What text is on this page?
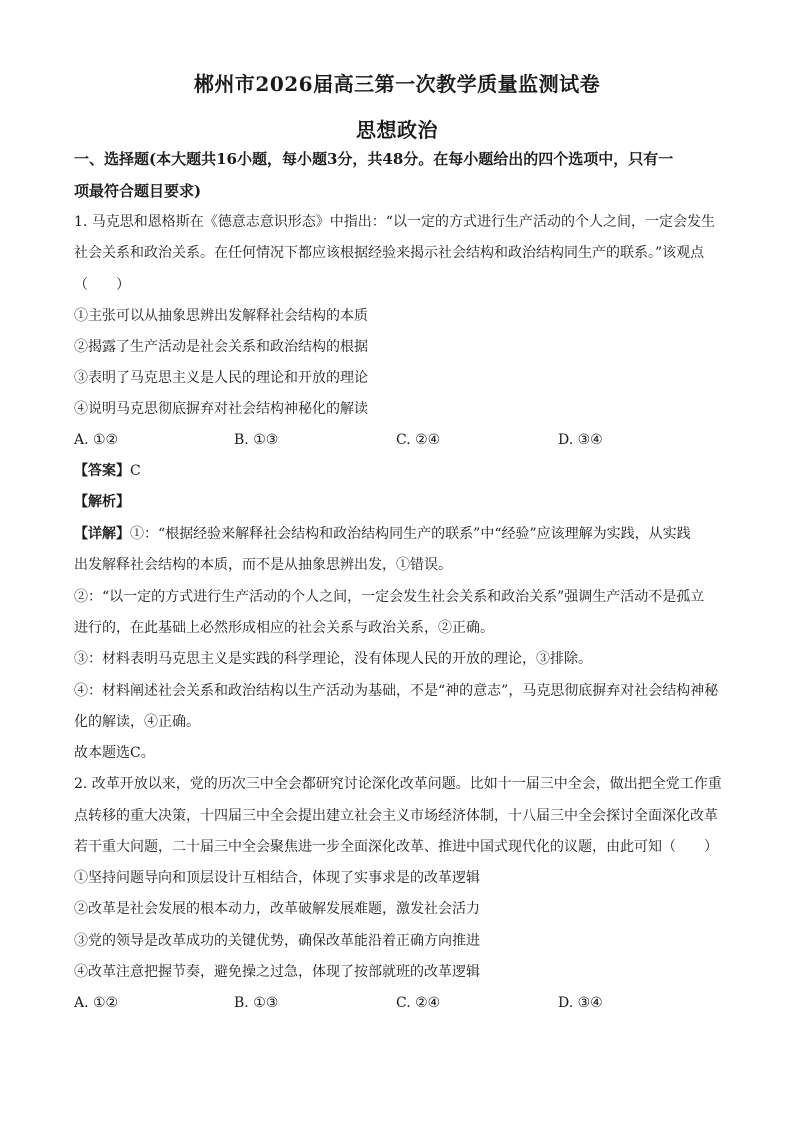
郴州市2026届高三第一次教学质量监测试卷
思想政治
一、选择题(本大题共16小题，每小题3分，共48分。在每小题给出的四个选项中，只有一
项最符合题目要求)
1. 马克思和恩格斯在《德意志意识形态》中指出：“以一定的方式进行生产活动的个人之间，一定会发生
社会关系和政治关系。在任何情况下都应该根据经验来揭示社会结构和政治结构同生产的联系。”该观点
（　　）
①主张可以从抽象思辨出发解释社会结构的本质
②揭露了生产活动是社会关系和政治结构的根据
③表明了马克思主义是人民的理论和开放的理论
④说明马克思彻底摒弃对社会结构神秘化的解读
A. ①②	B. ①③	C. ②④	D. ③④
【答案】C
【解析】
【详解】①：“根据经验来解释社会结构和政治结构同生产的联系”中“经验”应该理解为实践，从实践
出发解释社会结构的本质，而不是从抽象思辨出发，①错误。
②：“以一定的方式进行生产活动的个人之间，一定会发生社会关系和政治关系”强调生产活动不是孤立
进行的，在此基础上必然形成相应的社会关系与政治关系，②正确。
③：材料表明马克思主义是实践的科学理论，没有体现人民的开放的理论，③排除。
④：材料阐述社会关系和政治结构以生产活动为基础，不是“神的意志”，马克思彻底摒弃对社会结构神秘
化的解读，④正确。
故本题选C。
2. 改革开放以来，党的历次三中全会都研究讨论深化改革问题。比如十一届三中全会，做出把全党工作重
点转移的重大决策，十四届三中全会提出建立社会主义市场经济体制，十八届三中全会探讨全面深化改革
若干重大问题，二十届三中全会聚焦进一步全面深化改革、推进中国式现代化的议题，由此可知（　　）
①坚持问题导向和顶层设计互相结合，体现了实事求是的改革逻辑
②改革是社会发展的根本动力，改革破解发展难题，激发社会活力
③党的领导是改革成功的关键优势，确保改革能沿着正确方向推进
④改革注意把握节奏，避免操之过急，体现了按部就班的改革逻辑
A. ①②	B. ①③	C. ②④	D. ③④
